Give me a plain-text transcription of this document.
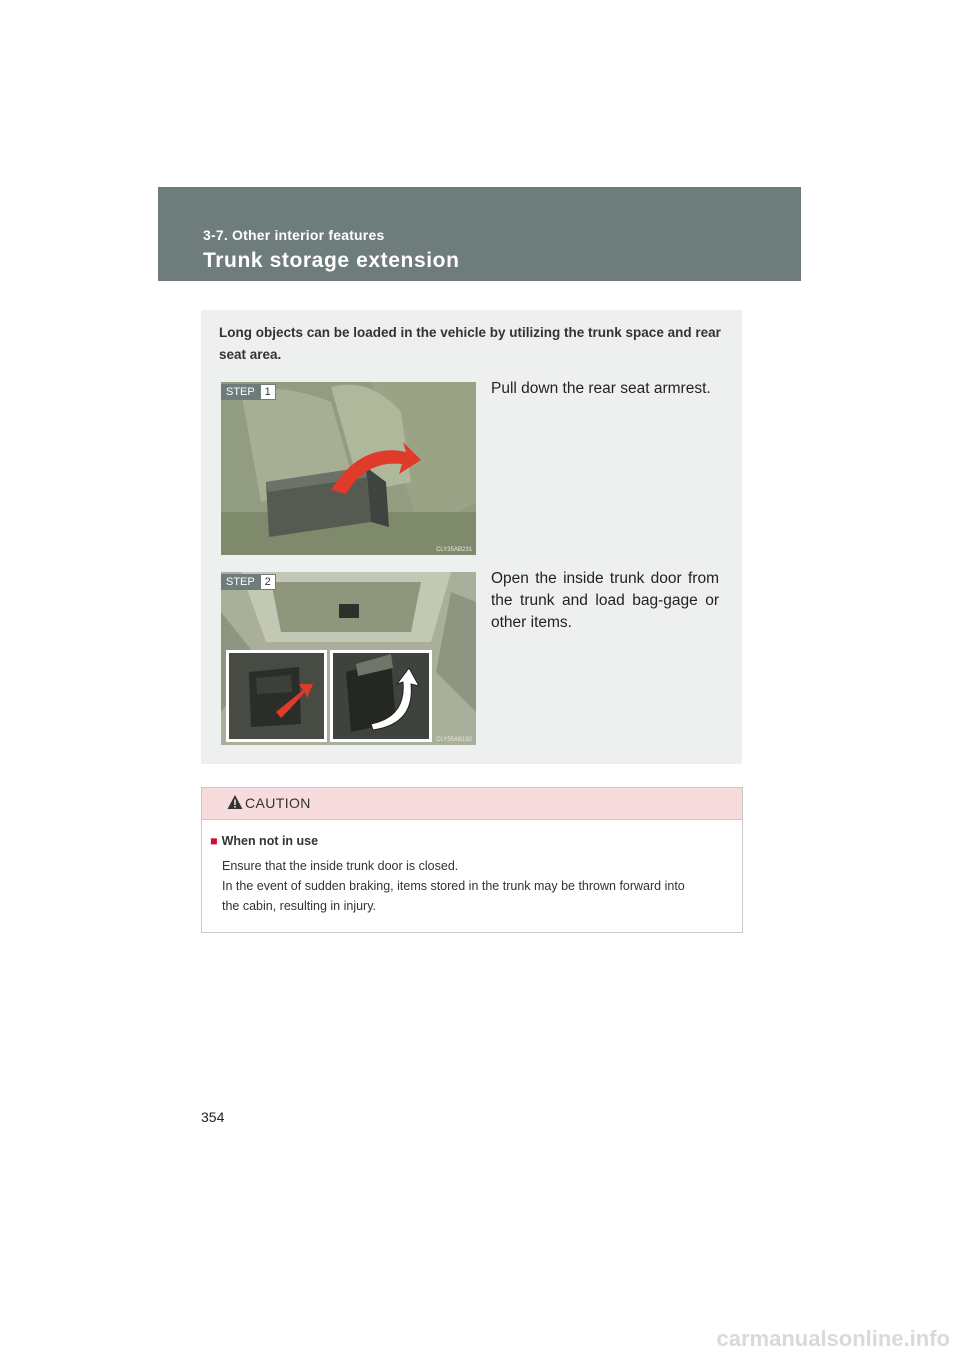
3-7. Other interior features
Trunk storage extension
Long objects can be loaded in the vehicle by utilizing the trunk space and rear seat area.
STEP 1
CLY35AB231
Pull down the rear seat armrest.
STEP 2
CLY35AB192
Open the inside trunk door from the trunk and load bag-gage or other items.
CAUTION
■ When not in use
Ensure that the inside trunk door is closed.
In the event of sudden braking, items stored in the trunk may be thrown forward into
the cabin, resulting in injury.
354
carmanualsonline.info
